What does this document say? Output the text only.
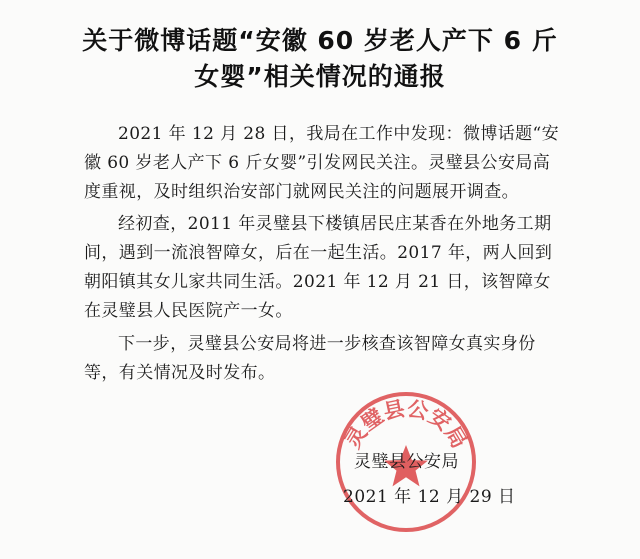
关于微博话题“安徽 60 岁老人产下 6 斤
女婴”相关情况的通报
2021 年 12 月 28 日，我局在工作中发现：微博话题“安徽 60 岁老人产下 6 斤女婴”引发网民关注。灵璧县公安局高度重视，及时组织治安部门就网民关注的问题展开调查。
经初查，2011 年灵璧县下楼镇居民庄某香在外地务工期间，遇到一流浪智障女，后在一起生活。2017 年，两人回到朝阳镇其女儿家共同生活。2021 年 12 月 21 日，该智障女在灵璧县人民医院产一女。
下一步，灵璧县公安局将进一步核查该智障女真实身份等，有关情况及时发布。
灵璧县公安局
灵璧县公安局
2021 年 12 月 29 日
